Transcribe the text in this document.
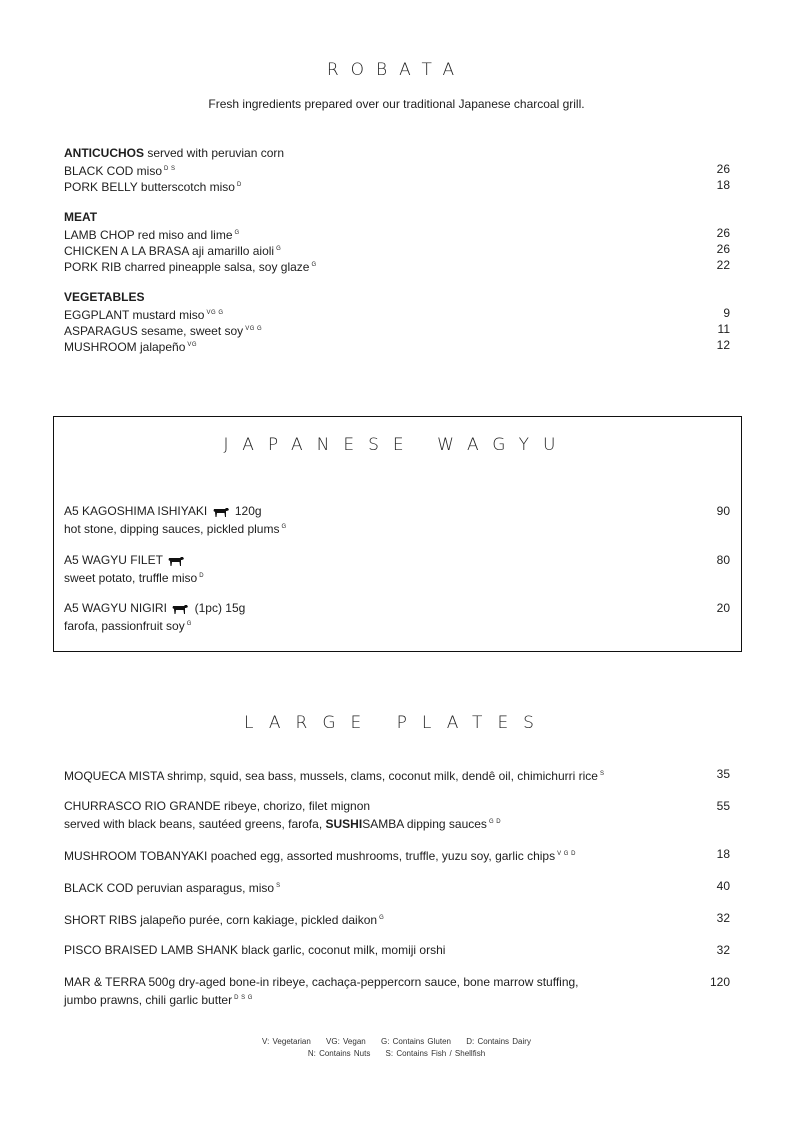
ROBATA
Fresh ingredients prepared over our traditional Japanese charcoal grill.
ANTICUCHOS served with peruvian corn
BLACK COD miso $^{D S}$	26
PORK BELLY butterscotch miso $^D$	18
MEAT
LAMB CHOP red miso and lime $^G$	26
CHICKEN A LA BRASA aji amarillo aioli $^G$	26
PORK RIB charred pineapple salsa, soy glaze $^G$	22
VEGETABLES
EGGPLANT mustard miso $^{VG G}$	9
ASPARAGUS sesame, sweet soy $^{VG G}$	11
MUSHROOM jalapeño $^{VG}$	12
JAPANESE WAGYU
A5 KAGOSHIMA ISHIYAKI 120g	90
hot stone, dipping sauces, pickled plums $^G$
A5 WAGYU FILET	80
sweet potato, truffle miso $^D$
A5 WAGYU NIGIRI (1pc) 15g	20
farofa, passionfruit soy $^G$
LARGE PLATES
MOQUECA MISTA shrimp, squid, sea bass, mussels, clams, coconut milk, dendê oil, chimichurri rice $^S$	35
CHURRASCO RIO GRANDE ribeye, chorizo, filet mignon	55
served with black beans, sautéed greens, farofa, SUSHISAMBA dipping sauces $^{G D}$
MUSHROOM TOBANYAKI poached egg, assorted mushrooms, truffle, yuzu soy, garlic chips $^{V G D}$	18
BLACK COD peruvian asparagus, miso $^S$	40
SHORT RIBS jalapeño purée, corn kakiage, pickled daikon $^G$	32
PISCO BRAISED LAMB SHANK black garlic, coconut milk, momiji orshi	32
MAR & TERRA 500g dry-aged bone-in ribeye, cachaça-peppercorn sauce, bone marrow stuffing,	120
jumbo prawns, chili garlic butter $^{D S G}$
V: Vegetarian VG: Vegan G: Contains Gluten D: Contains Dairy
N: Contains Nuts S: Contains Fish / Shellfish
